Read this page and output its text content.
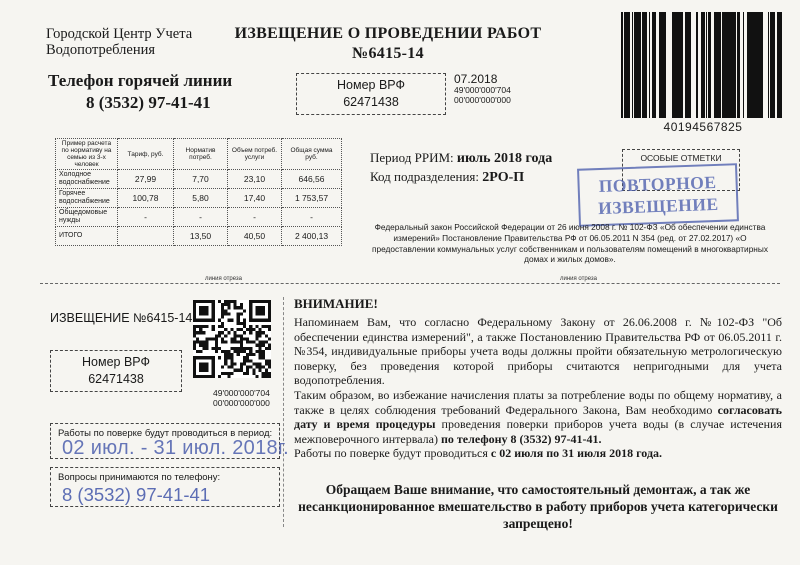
Городской Центр Учета Водопотребления
ИЗВЕЩЕНИЕ О ПРОВЕДЕНИИ РАБОТ
№6415-14
Телефон горячей линии
8 (3532) 97-41-41
Номер ВРФ
62471438
07.2018
49'000'000'704
00'000'000'000
40194567825
Пример расчета по нормативу на семью из 3-х человек	Тариф, руб.	Норматив потреб.	Объем потреб. услуги	Общая сумма руб.
Холодное водоснабжение	27,99	7,70	23,10	646,56
Горячее водоснабжение	100,78	5,80	17,40	1 753,57
Общедомовые нужды	-	-	-	-
ИТОГО		13,50	40,50	2 400,13
Период РРИМ: июль 2018 года
Код подразделения: 2РО-П
ОСОБЫЕ ОТМЕТКИ
ПОВТОРНОЕ
ИЗВЕЩЕНИЕ
Федеральный закон Российской Федерации от 26 июня 2008 г. № 102-ФЗ «Об обеспечении единства измерений» Постановление Правительства РФ от 06.05.2011 N 354 (ред. от 27.02.2017) «О предоставлении коммунальных услуг собственникам и пользователям помещений в многоквартирных домах и жилых домов».
линия отреза	линия отреза
ИЗВЕЩЕНИЕ №6415-14
Номер ВРФ
62471438
49'000'000'704
00'000'000'000
Работы по поверке будут проводиться в период:
02 июл. - 31 июл. 2018г.
Вопросы принимаются по телефону:
8 (3532) 97-41-41
ВНИМАНИЕ!

Напоминаем Вам, что согласно Федеральному Закону от 26.06.2008 г. №102-ФЗ "Об обеспечении единства измерений", а также Постановлению Правительства РФ от 06.05.2011 г. №354, индивидуальные приборы учета воды должны пройти обязательную метрологическую поверку, без проведения которой приборы считаются непригодными для учета водопотребления.

Таким образом, во избежание начисления платы за потребление воды по общему нормативу, а также в целях соблюдения требований Федерального Закона, Вам необходимо согласовать дату и время процедуры проведения поверки приборов учета воды (в случае истечения межповерочного интервала) по телефону 8 (3532) 97-41-41.

Работы по поверке будут проводиться с 02 июля по 31 июля 2018 года.

Обращаем Ваше внимание, что самостоятельный демонтаж, а так же несанкционированное вмешательство в работу приборов учета категорически запрещено!
